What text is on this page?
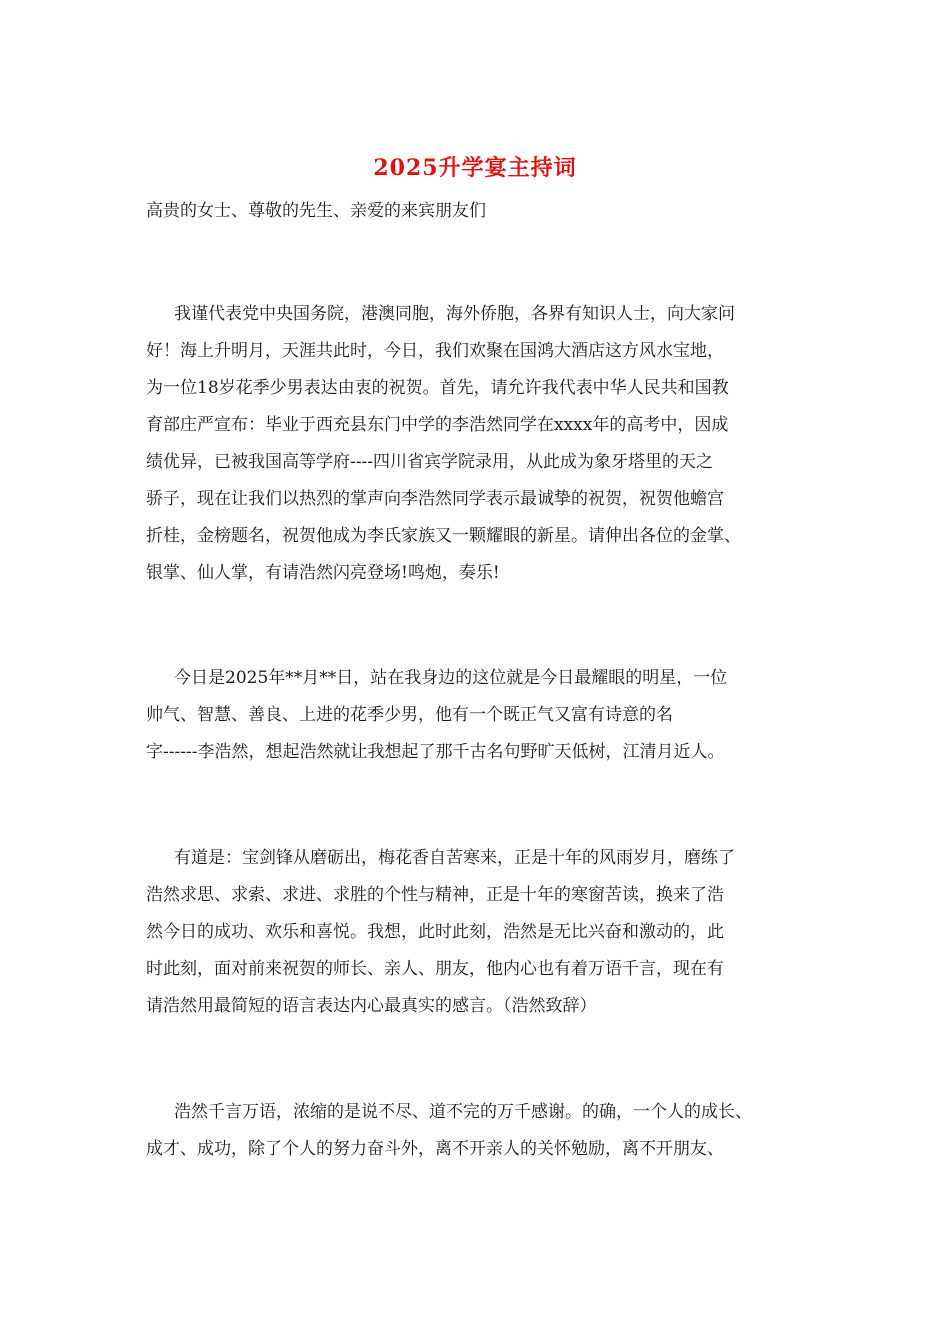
2025升学宴主持词
高贵的女士、尊敬的先生、亲爱的来宾朋友们
我谨代表党中央国务院，港澳同胞，海外侨胞，各界有知识人士，向大家问
好！海上升明月，天涯共此时，今日，我们欢聚在国鸿大酒店这方风水宝地，
为一位18岁花季少男表达由衷的祝贺。首先，请允许我代表中华人民共和国教
育部庄严宣布：毕业于西充县东门中学的李浩然同学在xxxx年的高考中，因成
绩优异，已被我国高等学府----四川省宾学院录用，从此成为象牙塔里的天之
骄子，现在让我们以热烈的掌声向李浩然同学表示最诚挚的祝贺，祝贺他蟾宫
折桂，金榜题名，祝贺他成为李氏家族又一颗耀眼的新星。请伸出各位的金掌、
银掌、仙人掌，有请浩然闪亮登场!鸣炮，奏乐!
今日是2025年**月**日，站在我身边的这位就是今日最耀眼的明星，一位
帅气、智慧、善良、上进的花季少男，他有一个既正气又富有诗意的名
字------李浩然，想起浩然就让我想起了那千古名句野旷天低树，江清月近人。
有道是：宝剑锋从磨砺出，梅花香自苦寒来，正是十年的风雨岁月，磨练了
浩然求思、求索、求进、求胜的个性与精神，正是十年的寒窗苦读，换来了浩
然今日的成功、欢乐和喜悦。我想，此时此刻，浩然是无比兴奋和激动的，此
时此刻，面对前来祝贺的师长、亲人、朋友，他内心也有着万语千言，现在有
请浩然用最简短的语言表达内心最真实的感言。（浩然致辞）
浩然千言万语，浓缩的是说不尽、道不完的万千感谢。的确，一个人的成长、
成才、成功，除了个人的努力奋斗外，离不开亲人的关怀勉励，离不开朋友、
